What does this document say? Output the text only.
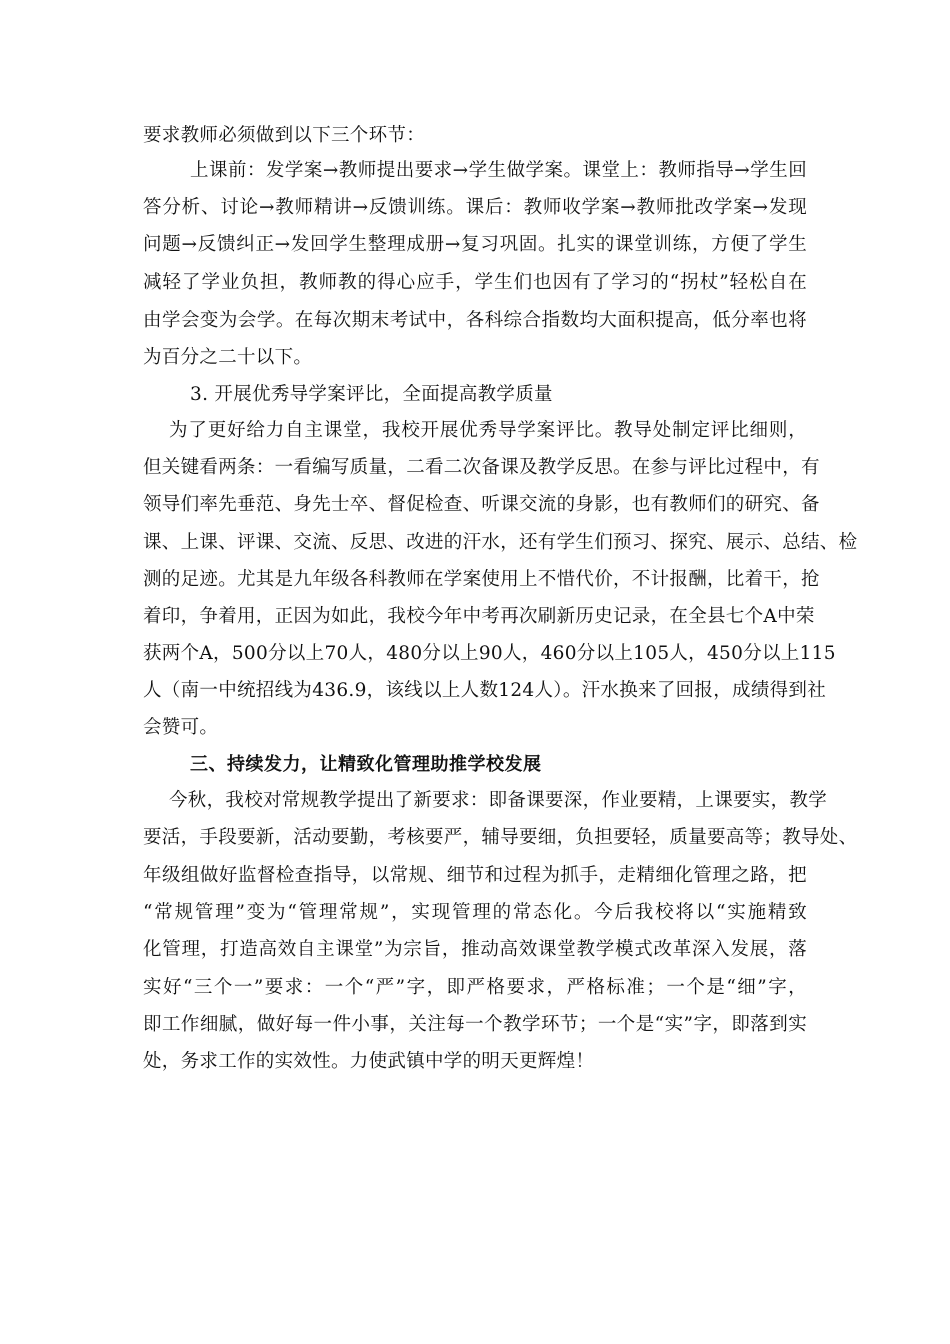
要求教师必须做到以下三个环节：
上课前：发学案→教师提出要求→学生做学案。课堂上：教师指导→学生回
答分析、讨论→教师精讲→反馈训练。课后：教师收学案→教师批改学案→发现
问题→反馈纠正→发回学生整理成册→复习巩固。扎实的课堂训练，方便了学生
减轻了学业负担，教师教的得心应手，学生们也因有了学习的“拐杖”轻松自在
由学会变为会学。在每次期末考试中，各科综合指数均大面积提高，低分率也将
为百分之二十以下。
3. 开展优秀导学案评比，全面提高教学质量
为了更好给力自主课堂，我校开展优秀导学案评比。教导处制定评比细则，
但关键看两条：一看编写质量，二看二次备课及教学反思。在参与评比过程中，有
领导们率先垂范、身先士卒、督促检查、听课交流的身影，也有教师们的研究、备
课、上课、评课、交流、反思、改进的汗水，还有学生们预习、探究、展示、总结、检
测的足迹。尤其是九年级各科教师在学案使用上不惜代价，不计报酬，比着干，抢
着印，争着用，正因为如此，我校今年中考再次刷新历史记录，在全县七个A中荣
获两个A，500分以上70人，480分以上90人，460分以上105人，450分以上115
人（南一中统招线为436.9，该线以上人数124人）。汗水换来了回报，成绩得到社
会赞可。
三、持续发力，让精致化管理助推学校发展
今秋，我校对常规教学提出了新要求：即备课要深，作业要精，上课要实，教学
要活，手段要新，活动要勤，考核要严，辅导要细，负担要轻，质量要高等；教导处、
年级组做好监督检查指导，以常规、细节和过程为抓手，走精细化管理之路，把
“常规管理”变为“管理常规”，实现管理的常态化。今后我校将以“实施精致
化管理，打造高效自主课堂”为宗旨，推动高效课堂教学模式改革深入发展，落
实好“三个一”要求：一个“严”字，即严格要求，严格标准；一个是“细”字，
即工作细腻，做好每一件小事，关注每一个教学环节；一个是“实”字，即落到实
处，务求工作的实效性。力使武镇中学的明天更辉煌！
